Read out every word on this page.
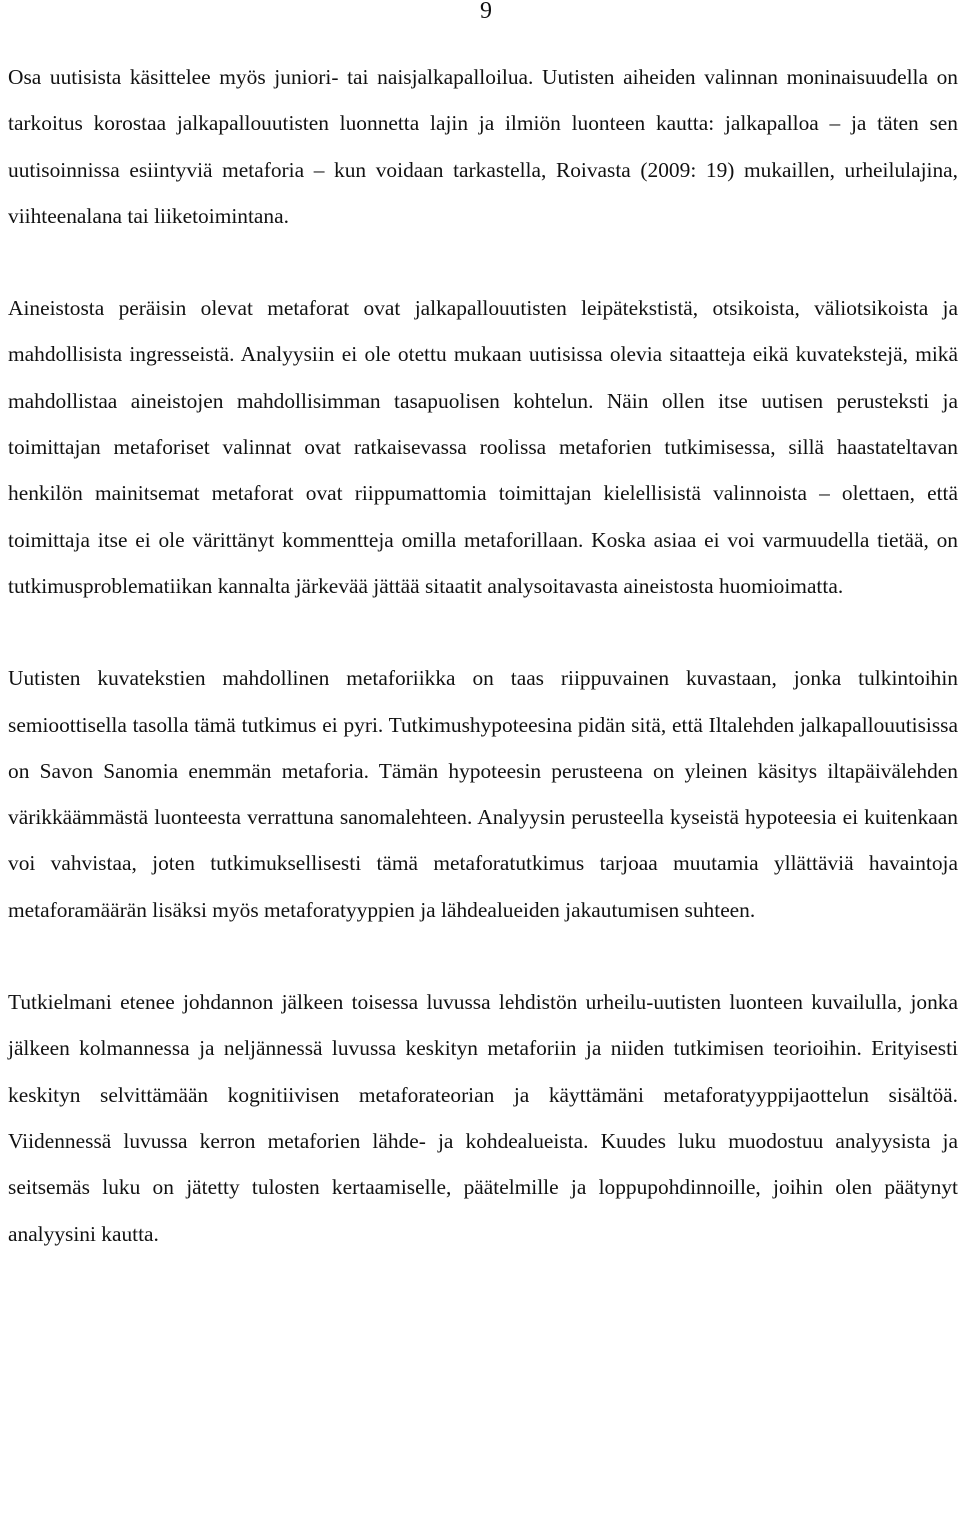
9

Osa uutisista käsittelee myös juniori- tai naisjalkapalloilua. Uutisten aiheiden valinnan moninaisuudella on tarkoitus korostaa jalkapallouutisten luonnetta lajin ja ilmiön luonteen kautta: jalkapalloa – ja täten sen uutisoinnissa esiintyviä metaforia – kun voidaan tarkastella, Roivasta (2009: 19) mukaillen, urheilulajina, viihteenalana tai liiketoimintana.

Aineistosta peräisin olevat metaforat ovat jalkapallouutisten leipätekstistä, otsikoista, väliotsikoista ja mahdollisista ingresseistä. Analyysiin ei ole otettu mukaan uutisissa olevia sitaatteja eikä kuvatekstejä, mikä mahdollistaa aineistojen mahdollisimman tasapuolisen kohtelun. Näin ollen itse uutisen perusteksti ja toimittajan metaforiset valinnat ovat ratkaisevassa roolissa metaforien tutkimisessa, sillä haastateltavan henkilön mainitsemat metaforat ovat riippumattomia toimittajan kielellisistä valinnoista – olettaen, että toimittaja itse ei ole värittänyt kommentteja omilla metaforillaan. Koska asiaa ei voi varmuudella tietää, on tutkimusproblematiikan kannalta järkevää jättää sitaatit analysoitavasta aineistosta huomioimatta.

Uutisten kuvatekstien mahdollinen metaforiikka on taas riippuvainen kuvastaan, jonka tulkintoihin semioottisella tasolla tämä tutkimus ei pyri. Tutkimushypoteesina pidän sitä, että Iltalehden jalkapallouutisissa on Savon Sanomia enemmän metaforia. Tämän hypoteesin perusteena on yleinen käsitys iltapäivälehden värikkäämmästä luonteesta verrattuna sanomalehteen. Analyysin perusteella kyseistä hypoteesia ei kuitenkaan voi vahvistaa, joten tutkimuksellisesti tämä metaforatutkimus tarjoaa muutamia yllättäviä havaintoja metaforamäärän lisäksi myös metaforatyyppien ja lähdealueiden jakautumisen suhteen.

Tutkielmani etenee johdannon jälkeen toisessa luvussa lehdistön urheilu-uutisten luonteen kuvailulla, jonka jälkeen kolmannessa ja neljännessä luvussa keskityn metaforiin ja niiden tutkimisen teorioihin. Erityisesti keskityn selvittämään kognitiivisen metaforateorian ja käyttämäni metaforatyyppijaottelun sisältöä. Viidennessä luvussa kerron metaforien lähde- ja kohdealueista. Kuudes luku muodostuu analyysista ja seitsemäs luku on jätetty tulosten kertaamiselle, päätelmille ja loppupohdinnoille, joihin olen päätynyt analyysini kautta.
